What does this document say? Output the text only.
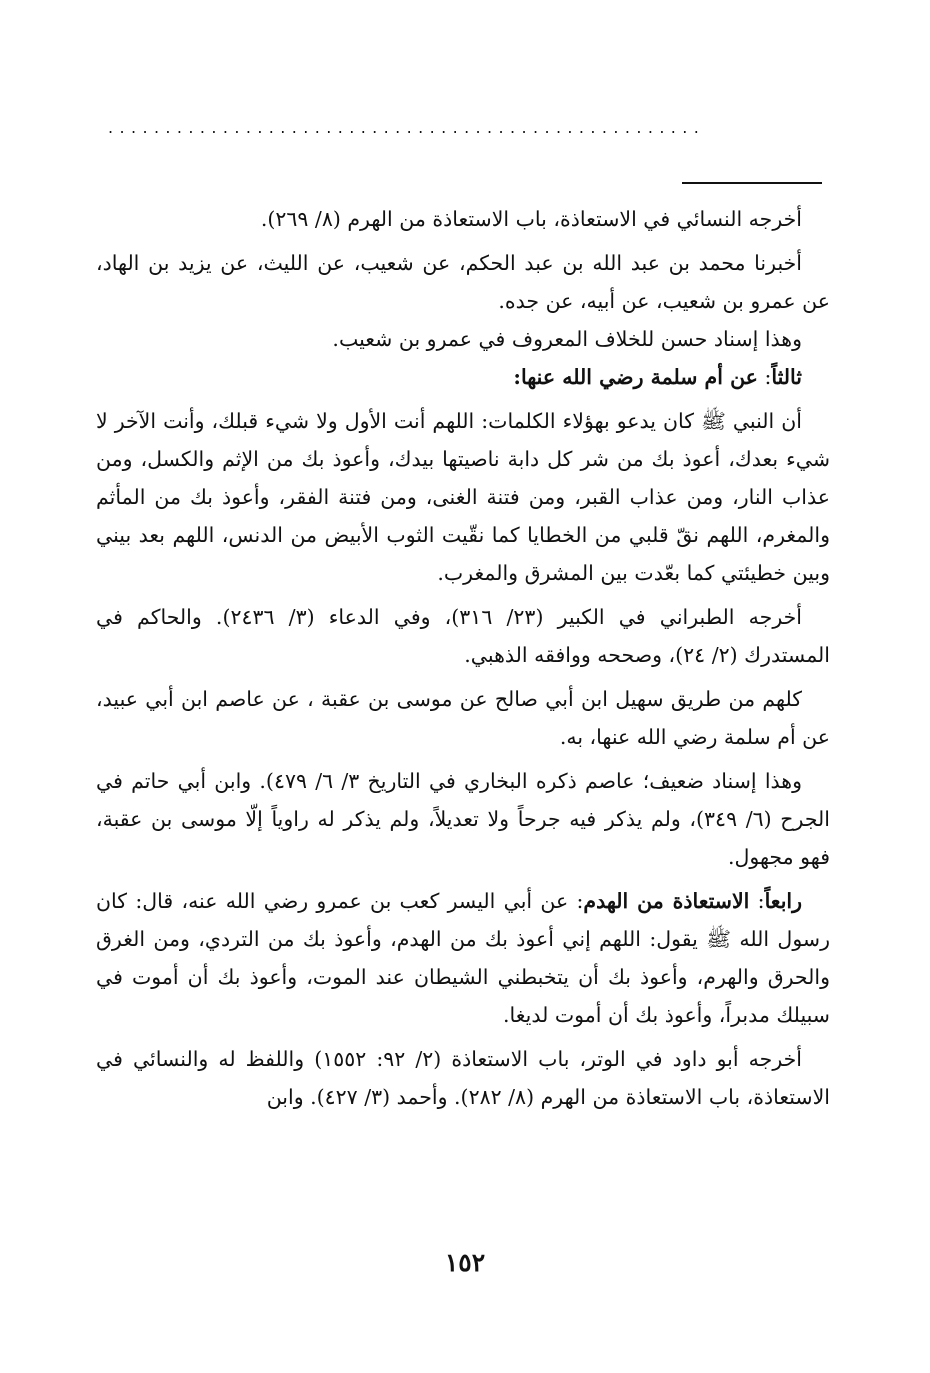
....................................................

أخرجه النسائي في الاستعاذة، باب الاستعاذة من الهرم (٨/ ٢٦٩).

أخبرنا محمد بن عبد الله بن عبد الحكم، عن شعيب، عن الليث، عن يزيد بن الهاد، عن عمرو بن شعيب، عن أبيه، عن جده.

وهذا إسناد حسن للخلاف المعروف في عمرو بن شعيب.

ثالثاً: عن أم سلمة رضي الله عنها:

أن النبي ﷺ كان يدعو بهؤلاء الكلمات: اللهم أنت الأول ولا شيء قبلك، وأنت الآخر لا شيء بعدك، أعوذ بك من شر كل دابة ناصيتها بيدك، وأعوذ بك من الإثم والكسل، ومن عذاب النار، ومن عذاب القبر، ومن فتنة الغنى، ومن فتنة الفقر، وأعوذ بك من المأثم والمغرم، اللهم نقّ قلبي من الخطايا كما نقّيت الثوب الأبيض من الدنس، اللهم بعد بيني وبين خطيئتي كما بعّدت بين المشرق والمغرب.

أخرجه الطبراني في الكبير (٢٣/ ٣١٦)، وفي الدعاء (٣/ ٢٤٣٦). والحاكم في المستدرك (٢/ ٢٤)، وصححه ووافقه الذهبي.

كلهم من طريق سهيل ابن أبي صالح عن موسى بن عقبة ، عن عاصم ابن أبي عبيد، عن أم سلمة رضي الله عنها، به.

وهذا إسناد ضعيف؛ عاصم ذكره البخاري في التاريخ ٣/ ٦/ ٤٧٩). وابن أبي حاتم في الجرح (٦/ ٣٤٩)، ولم يذكر فيه جرحاً ولا تعديلاً، ولم يذكر له راوياً إلّا موسى بن عقبة، فهو مجهول.

رابعاً: الاستعاذة من الهدم: عن أبي اليسر كعب بن عمرو رضي الله عنه، قال: كان رسول الله ﷺ يقول: اللهم إني أعوذ بك من الهدم، وأعوذ بك من التردي، ومن الغرق والحرق والهرم، وأعوذ بك أن يتخبطني الشيطان عند الموت، وأعوذ بك أن أموت في سبيلك مدبراً، وأعوذ بك أن أموت لديغا.

أخرجه أبو داود في الوتر، باب الاستعاذة (٢/ ٩٢: ١٥٥٢) واللفظ له والنسائي في الاستعاذة، باب الاستعاذة من الهرم (٨/ ٢٨٢). وأحمد (٣/ ٤٢٧). وابن

١٥٢
